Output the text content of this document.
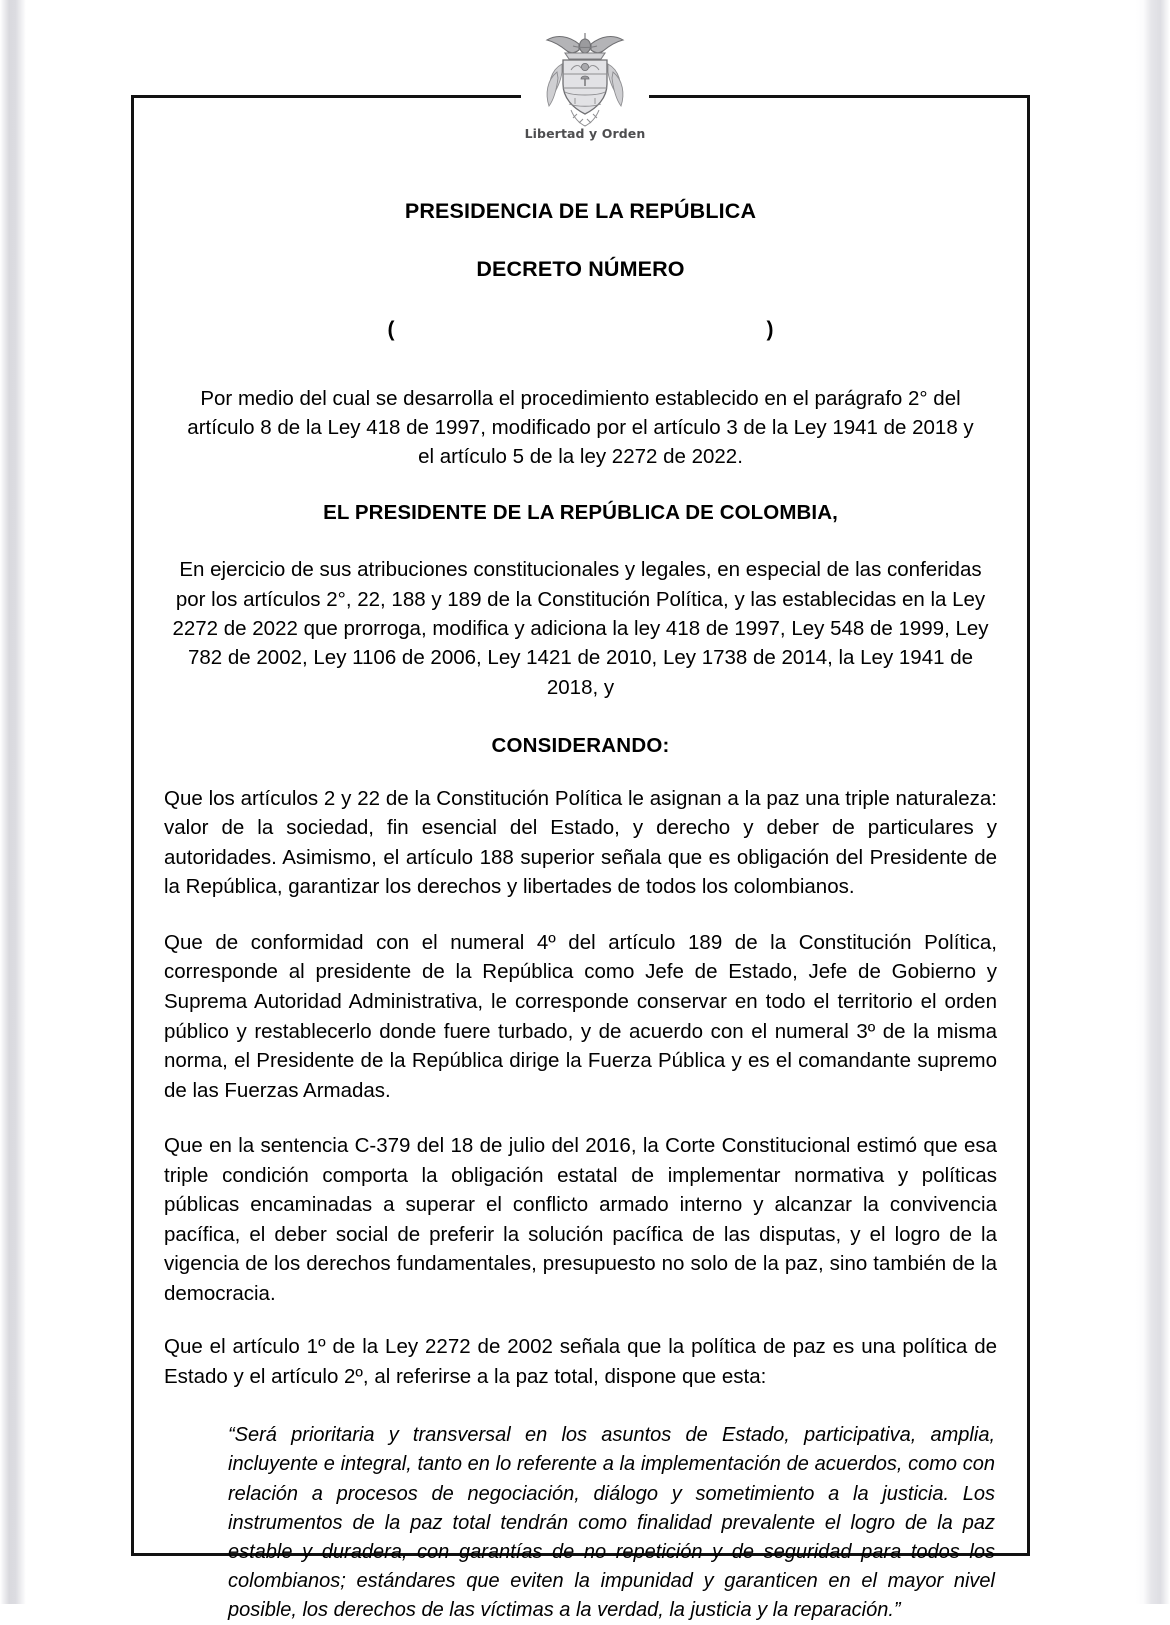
Libertad y Orden
PRESIDENCIA DE LA REPÚBLICA
DECRETO NÚMERO
(	)
Por medio del cual se desarrolla el procedimiento establecido en el parágrafo 2° del artículo 8 de la Ley 418 de 1997, modificado por el artículo 3 de la Ley 1941 de 2018 y el artículo 5 de la ley 2272 de 2022.
EL PRESIDENTE DE LA REPÚBLICA DE COLOMBIA,
En ejercicio de sus atribuciones constitucionales y legales, en especial de las conferidas por los artículos 2°, 22, 188 y 189 de la Constitución Política, y las establecidas en la Ley 2272 de 2022 que prorroga, modifica y adiciona la ley 418 de 1997, Ley 548 de 1999, Ley 782 de 2002, Ley 1106 de 2006, Ley 1421 de 2010, Ley 1738 de 2014, la Ley 1941 de 2018, y
CONSIDERANDO:

Que los artículos 2 y 22 de la Constitución Política le asignan a la paz una triple naturaleza: valor de la sociedad, fin esencial del Estado, y derecho y deber de particulares y autoridades. Asimismo, el artículo 188 superior señala que es obligación del Presidente de la República, garantizar los derechos y libertades de todos los colombianos.

Que de conformidad con el numeral 4º del artículo 189 de la Constitución Política, corresponde al presidente de la República como Jefe de Estado, Jefe de Gobierno y Suprema Autoridad Administrativa, le corresponde conservar en todo el territorio el orden público y restablecerlo donde fuere turbado, y de acuerdo con el numeral 3º de la misma norma, el Presidente de la República dirige la Fuerza Pública y es el comandante supremo de las Fuerzas Armadas.

Que en la sentencia C-379 del 18 de julio del 2016, la Corte Constitucional estimó que esa triple condición comporta la obligación estatal de implementar normativa y políticas públicas encaminadas a superar el conflicto armado interno y alcanzar la convivencia pacífica, el deber social de preferir la solución pacífica de las disputas, y el logro de la vigencia de los derechos fundamentales, presupuesto no solo de la paz, sino también de la democracia.

Que el artículo 1º de la Ley 2272 de 2002 señala que la política de paz es una política de Estado y el artículo 2º, al referirse a la paz total, dispone que esta:

“Será prioritaria y transversal en los asuntos de Estado, participativa, amplia, incluyente e integral, tanto en lo referente a la implementación de acuerdos, como con relación a procesos de negociación, diálogo y sometimiento a la justicia. Los instrumentos de la paz total tendrán como finalidad prevalente el logro de la paz estable y duradera, con garantías de no repetición y de seguridad para todos los colombianos; estándares que eviten la impunidad y garanticen en el mayor nivel posible, los derechos de las víctimas a la verdad, la justicia y la reparación.”
